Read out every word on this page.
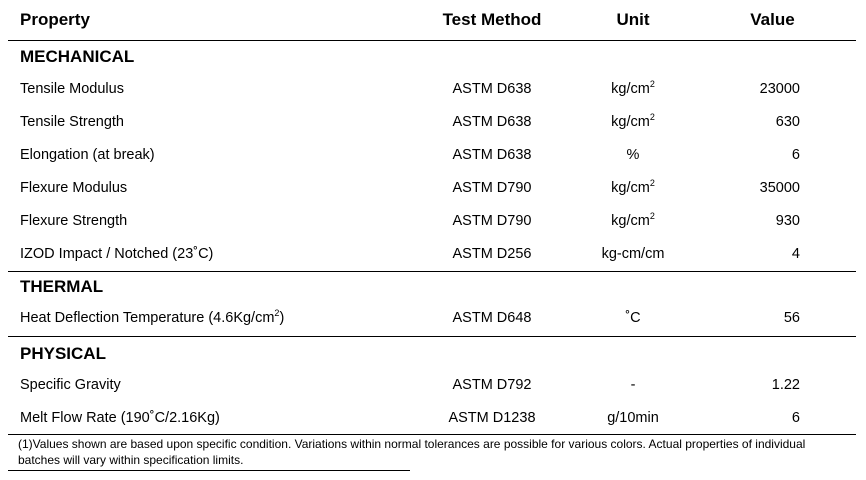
Property	Test Method	Unit	Value
MECHANICAL
Tensile Modulus	ASTM D638	$kg/cm^2$	23000
Tensile Strength	ASTM D638	$kg/cm^2$	630
Elongation (at break)	ASTM D638	%	6
Flexure Modulus	ASTM D790	$kg/cm^2$	35000
Flexure Strength	ASTM D790	$kg/cm^2$	930
IZOD Impact / Notched (23˚C)	ASTM D256	kg-cm/cm	4
THERMAL
Heat Deflection Temperature $(4.6Kg/cm^2)$	ASTM D648	˚C	56
PHYSICAL
Specific Gravity	ASTM D792	-	1.22
Melt Flow Rate (190˚C/2.16Kg)	ASTM D1238	g/10min	6
(1)Values shown are based upon specific condition. Variations within normal tolerances are possible for various colors. Actual properties of individual batches will vary within specification limits.
